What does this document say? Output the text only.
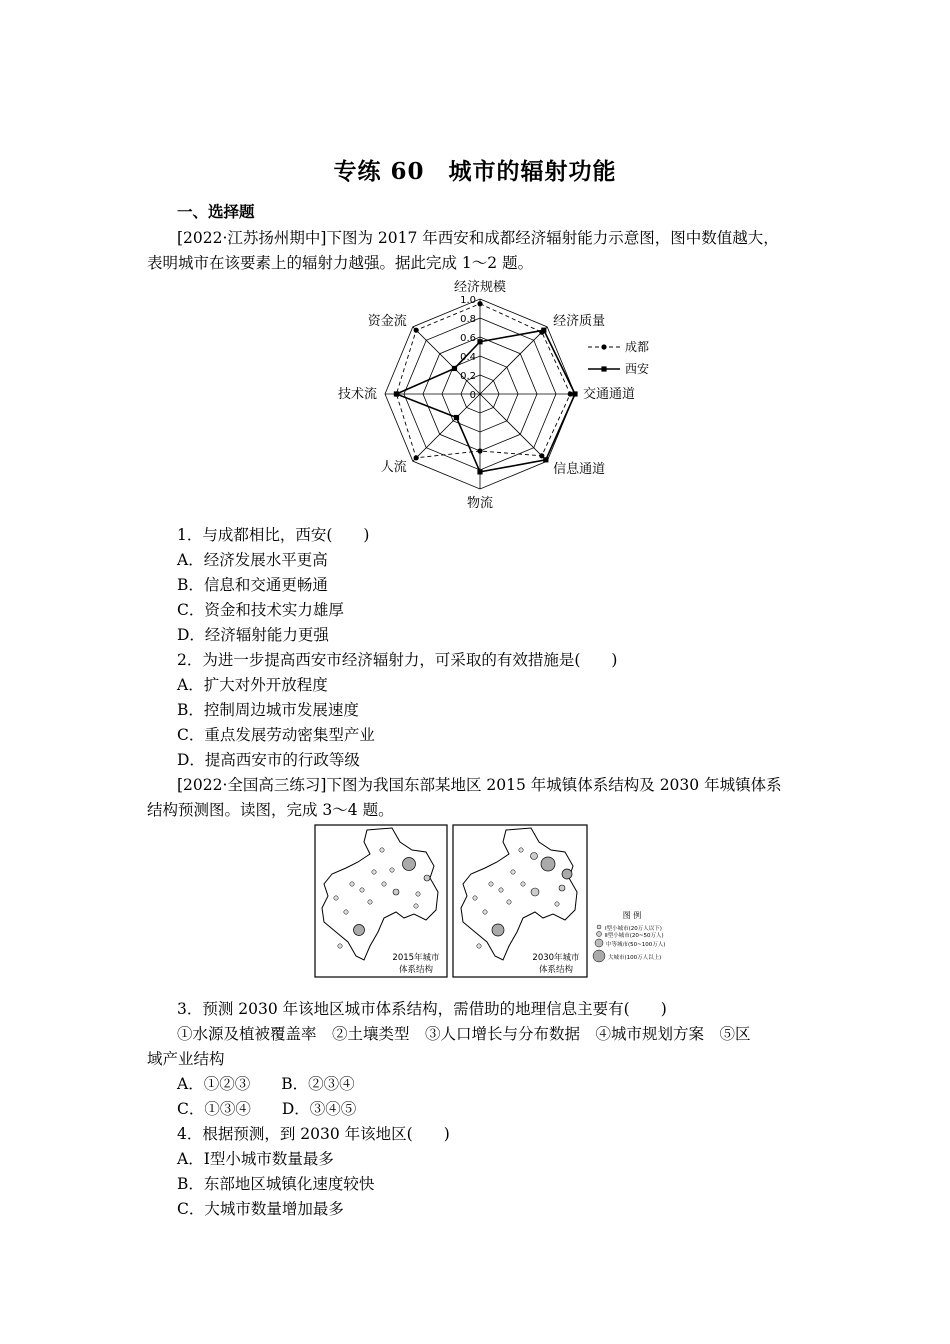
专练 60　城市的辐射功能
一、选择题
[2022·江苏扬州期中]下图为 2017 年西安和成都经济辐射能力示意图，图中数值越大，
表明城市在该要素上的辐射力越强。据此完成 1～2 题。
1.0
0.8
0.6
0.4
0.2
0
经济规模
经济质量
交通通道
信息通道
物流
人流
技术流
资金流
成都
西安
1．与成都相比，西安(　　)
A．经济发展水平更高
B．信息和交通更畅通
C．资金和技术实力雄厚
D．经济辐射能力更强
2．为进一步提高西安市经济辐射力，可采取的有效措施是(　　)
A．扩大对外开放程度
B．控制周边城市发展速度
C．重点发展劳动密集型产业
D．提高西安市的行政等级
[2022·全国高三练习]下图为我国东部某地区 2015 年城镇体系结构及 2030 年城镇体系
结构预测图。读图，完成 3～4 题。
2015年城市
体系结构
2030年城市
体系结构
图 例
Ⅰ型小城市(20万人以下)
Ⅱ型小城市(20~50万人)
中等城市(50~100万人)
大城市(100万人以上)
3．预测 2030 年该地区城市体系结构，需借助的地理信息主要有(　　)
①水源及植被覆盖率　②土壤类型　③人口增长与分布数据　④城市规划方案　⑤区
域产业结构
A．①②③　　B．②③④
C．①③④　　D．③④⑤
4．根据预测，到 2030 年该地区(　　)
A．Ⅰ型小城市数量最多
B．东部地区城镇化速度较快
C．大城市数量增加最多
